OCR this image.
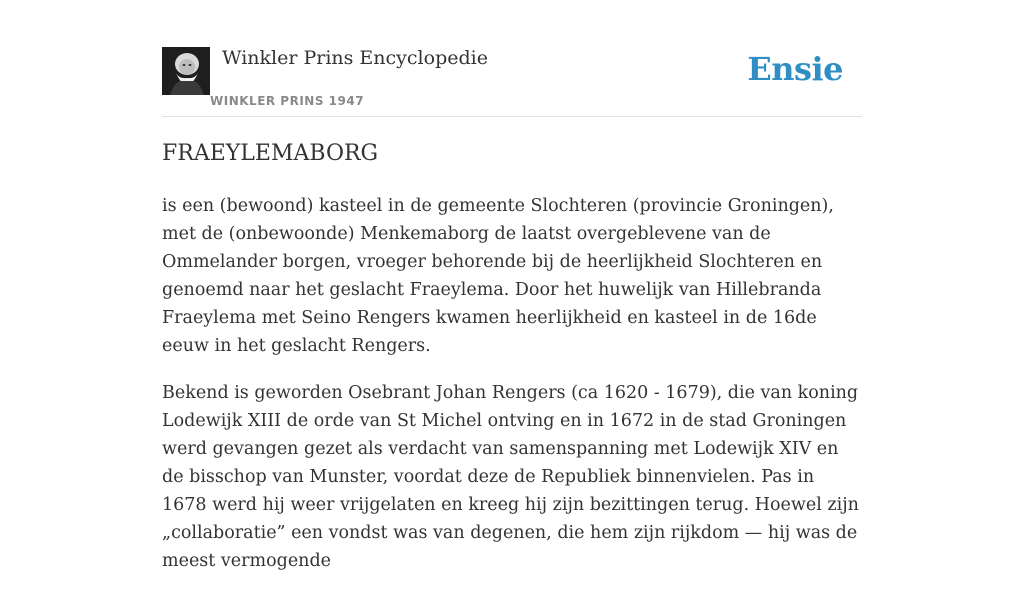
Winkler Prins Encyclopedie
WINKLER PRINS 1947
Ensie
FRAEYLEMABORG

is een (bewoond) kasteel in de gemeente Slochteren (provincie Groningen), met de (onbewoonde) Menkemaborg de laatst overgeblevene van de Ommelander borgen, vroeger behorende bij de heerlijkheid Slochteren en genoemd naar het geslacht Fraeylema. Door het huwelijk van Hillebranda Fraeylema met Seino Rengers kwamen heerlijkheid en kasteel in de 16de eeuw in het geslacht Rengers.

Bekend is geworden Osebrant Johan Rengers (ca 1620 - 1679), die van koning Lodewijk XIII de orde van St Michel ontving en in 1672 in de stad Groningen werd gevangen gezet als verdacht van samenspanning met Lodewijk XIV en de bisschop van Munster, voordat deze de Republiek binnenvielen. Pas in 1678 werd hij weer vrijgelaten en kreeg hij zijn bezittingen terug. Hoewel zijn „collaboratie” een vondst was van degenen, die hem zijn rijkdom — hij was de meest vermogende
